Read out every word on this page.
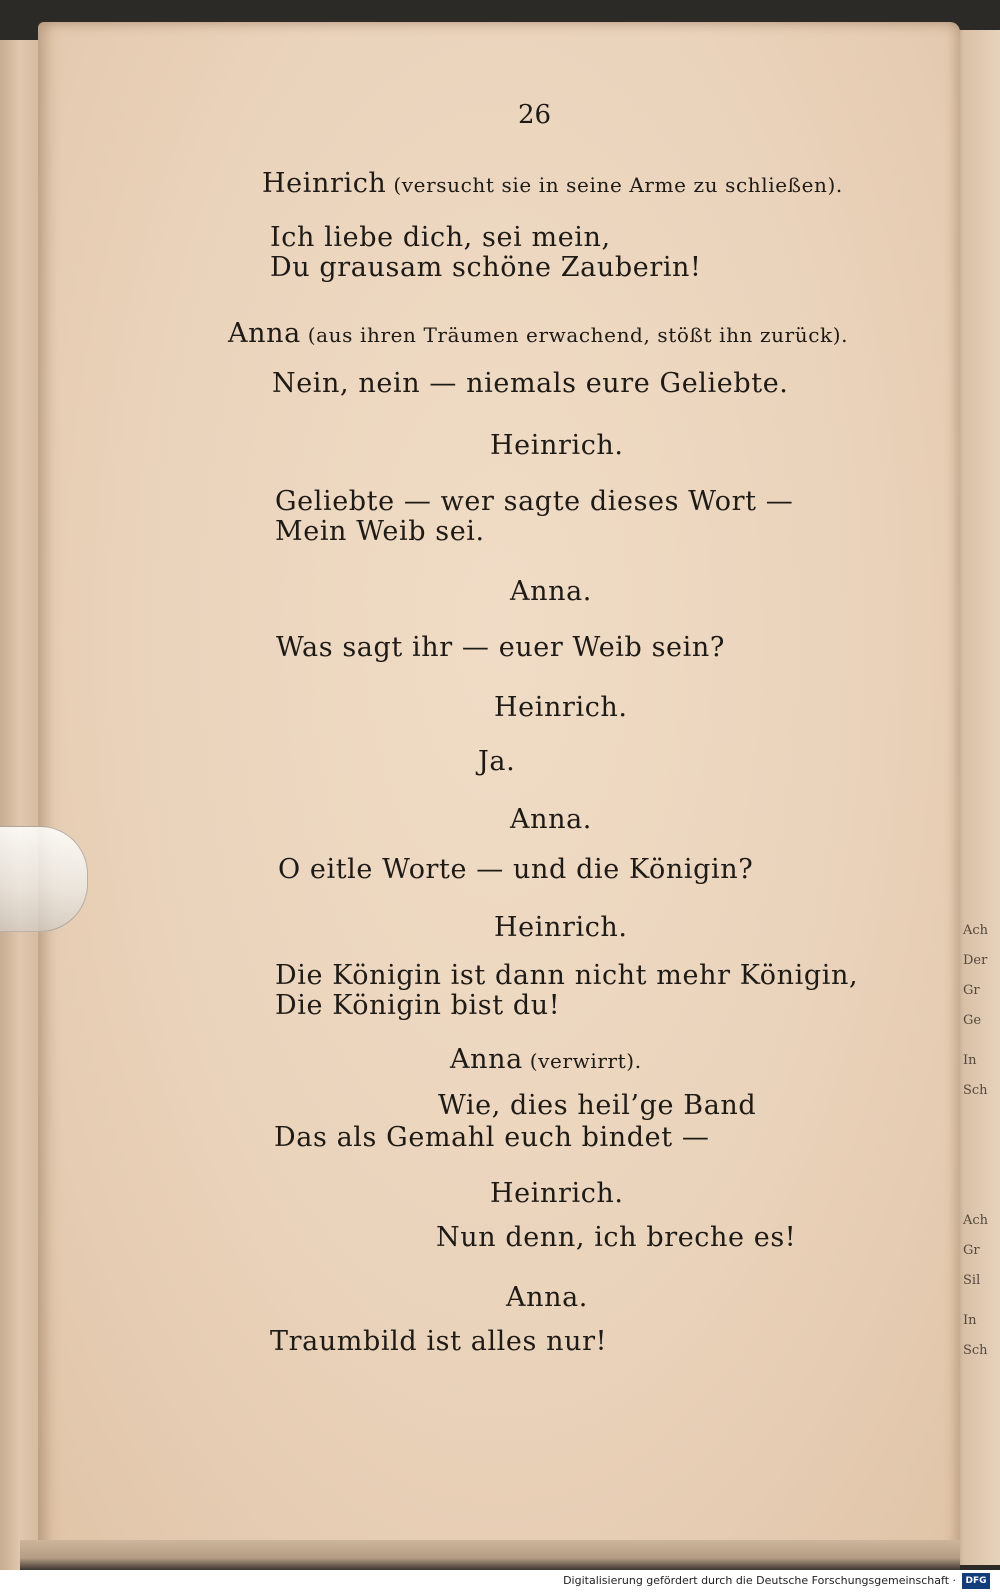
Ach
Der
Gr
Ge
In
Sch
Ach
Gr
Sil
In
Sch
26
Heinrich (versucht sie in seine Arme zu schließen).
Ich liebe dich, sei mein,
Du grausam schöne Zauberin!
Anna (aus ihren Träumen erwachend, stößt ihn zurück).
Nein, nein — niemals eure Geliebte.
Heinrich.
Geliebte — wer sagte dieses Wort —
Mein Weib sei.
Anna.
Was sagt ihr — euer Weib sein?
Heinrich.
Ja.
Anna.
O eitle Worte — und die Königin?
Heinrich.
Die Königin ist dann nicht mehr Königin,
Die Königin bist du!
Anna (verwirrt).
Wie, dies heil’ge Band
Das als Gemahl euch bindet —
Heinrich.
Nun denn, ich breche es!
Anna.
Traumbild ist alles nur!
Digitalisierung gefördert durch die Deutsche Forschungsgemeinschaft ·	DFG
